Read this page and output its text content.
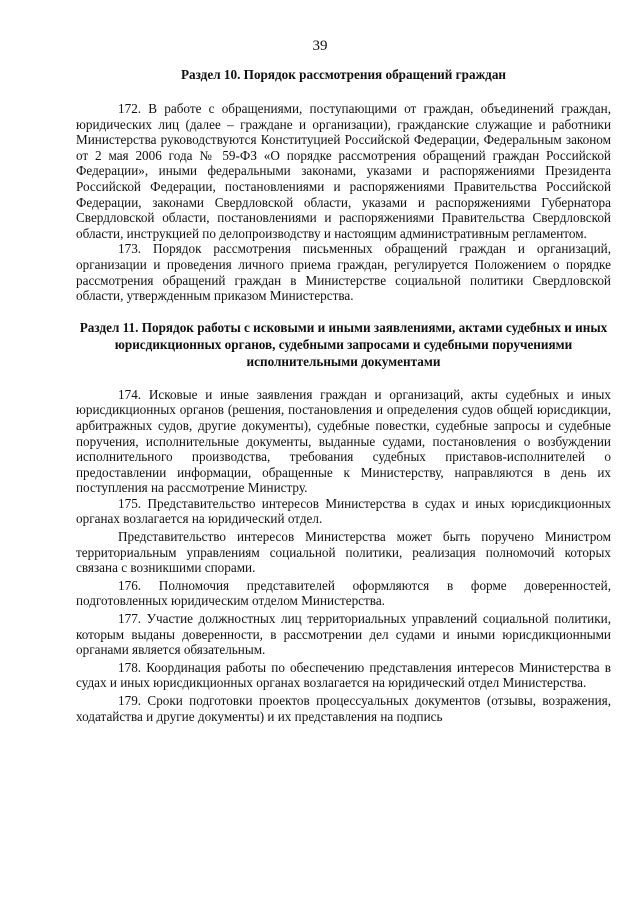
39
Раздел 10. Порядок рассмотрения обращений граждан

172. В работе с обращениями, поступающими от граждан, объединений граждан, юридических лиц (далее – граждане и организации), гражданские служащие и работники Министерства руководствуются Конституцией Российской Федерации, Федеральным законом от 2 мая 2006 года № 59-ФЗ «О порядке рассмотрения обращений граждан Российской Федерации», иными федеральными законами, указами и распоряжениями Президента Российской Федерации, постановлениями и распоряжениями Правительства Российской Федерации, законами Свердловской области, указами и распоряжениями Губернатора Свердловской области, постановлениями и распоряжениями Правительства Свердловской области, инструкцией по делопроизводству и настоящим административным регламентом.

173. Порядок рассмотрения письменных обращений граждан и организаций, организации и проведения личного приема граждан, регулируется Положением о порядке рассмотрения обращений граждан в Министерстве социальной политики Свердловской области, утвержденным приказом Министерства.

Раздел 11. Порядок работы с исковыми и иными заявлениями, актами судебных и иных юрисдикционных органов, судебными запросами и судебными поручениями исполнительными документами

174. Исковые и иные заявления граждан и организаций, акты судебных и иных юрисдикционных органов (решения, постановления и определения судов общей юрисдикции, арбитражных судов, другие документы), судебные повестки, судебные запросы и судебные поручения, исполнительные документы, выданные судами, постановления о возбуждении исполнительного производства, требования судебных приставов-исполнителей о предоставлении информации, обращенные к Министерству, направляются в день их поступления на рассмотрение Министру.

175. Представительство интересов Министерства в судах и иных юрисдикционных органах возлагается на юридический отдел.

Представительство интересов Министерства может быть поручено Министром территориальным управлениям социальной политики, реализация полномочий которых связана с возникшими спорами.

176. Полномочия представителей оформляются в форме доверенностей, подготовленных юридическим отделом Министерства.

177. Участие должностных лиц территориальных управлений социальной политики, которым выданы доверенности, в рассмотрении дел судами и иными юрисдикционными органами является обязательным.

178. Координация работы по обеспечению представления интересов Министерства в судах и иных юрисдикционных органах возлагается на юридический отдел Министерства.

179. Сроки подготовки проектов процессуальных документов (отзывы, возражения, ходатайства и другие документы) и их представления на подпись
